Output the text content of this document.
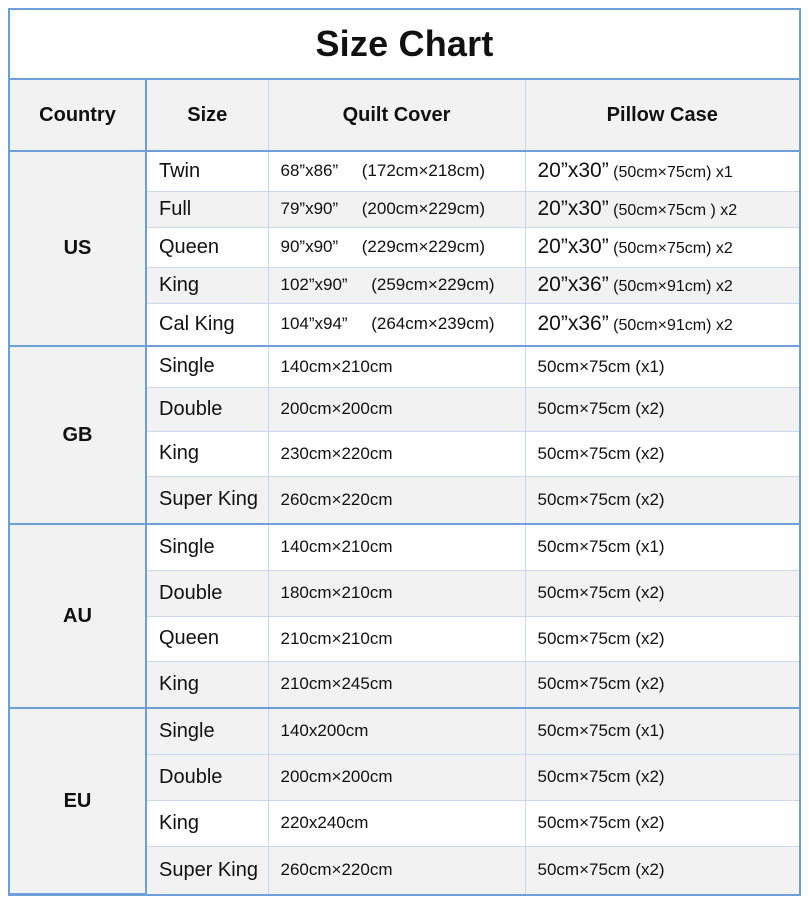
Size Chart
Country	Size	Quilt Cover	Pillow Case
US	Twin	68”x86”     (172cm×218cm)	20”x30” (50cm×75cm) x1
	Full	79”x90”     (200cm×229cm)	20”x30” (50cm×75cm ) x2
	Queen	90”x90”     (229cm×229cm)	20”x30” (50cm×75cm) x2
	King	102”x90”     (259cm×229cm)	20”x36” (50cm×91cm) x2
	Cal King	104”x94”     (264cm×239cm)	20”x36” (50cm×91cm) x2
GB	Single	140cm×210cm	50cm×75cm (x1)
	Double	200cm×200cm	50cm×75cm (x2)
	King	230cm×220cm	50cm×75cm (x2)
	Super King	260cm×220cm	50cm×75cm (x2)
AU	Single	140cm×210cm	50cm×75cm (x1)
	Double	180cm×210cm	50cm×75cm (x2)
	Queen	210cm×210cm	50cm×75cm (x2)
	King	210cm×245cm	50cm×75cm (x2)
EU	Single	140x200cm	50cm×75cm (x1)
	Double	200cm×200cm	50cm×75cm (x2)
	King	220x240cm	50cm×75cm (x2)
	Super King	260cm×220cm	50cm×75cm (x2)
